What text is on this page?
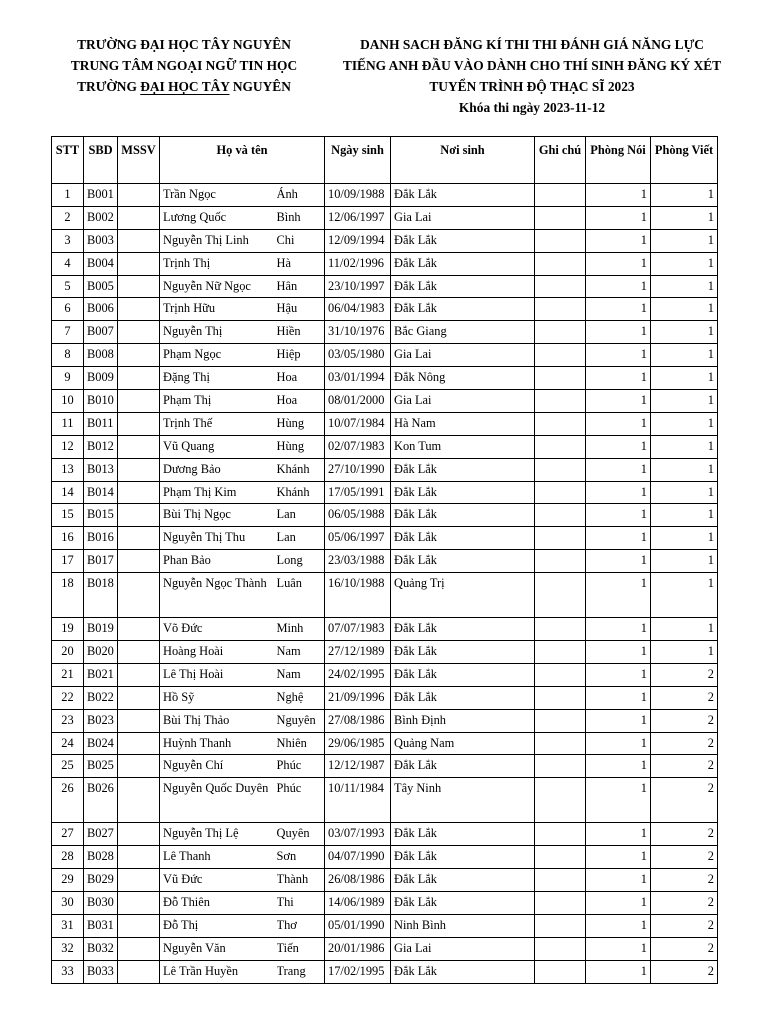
TRƯỜNG ĐẠI HỌC TÂY NGUYÊN
TRUNG TÂM NGOẠI NGỮ TIN HỌC
TRƯỜNG ĐẠI HỌC TÂY NGUYÊN
DANH SACH ĐĂNG KÍ THI THI ĐÁNH GIÁ NĂNG LỰC
TIẾNG ANH ĐẦU VÀO DÀNH CHO THÍ SINH ĐĂNG KÝ XÉT
TUYỂN TRÌNH ĐỘ THẠC SĨ 2023
Khóa thi ngày 2023-11-12
STT	SBD	MSSV	Họ và tên		Ngày sinh	Nơi sinh	Ghi chú	Phòng Nói	Phòng Viết
1	B001		Trần Ngọc	Ánh	10/09/1988	Đắk Lắk		1	1
2	B002		Lương Quốc	Bình	12/06/1997	Gia Lai		1	1
3	B003		Nguyễn Thị Linh	Chi	12/09/1994	Đắk Lắk		1	1
4	B004		Trịnh Thị	Hà	11/02/1996	Đắk Lắk		1	1
5	B005		Nguyễn Nữ Ngọc	Hân	23/10/1997	Đắk Lắk		1	1
6	B006		Trịnh Hữu	Hậu	06/04/1983	Đắk Lắk		1	1
7	B007		Nguyễn Thị	Hiền	31/10/1976	Bắc Giang		1	1
8	B008		Phạm Ngọc	Hiệp	03/05/1980	Gia Lai		1	1
9	B009		Đặng Thị	Hoa	03/01/1994	Đắk Nông		1	1
10	B010		Phạm Thị	Hoa	08/01/2000	Gia Lai		1	1
11	B011		Trịnh Thế	Hùng	10/07/1984	Hà Nam		1	1
12	B012		Vũ Quang	Hùng	02/07/1983	Kon Tum		1	1
13	B013		Dương Bảo	Khánh	27/10/1990	Đắk Lắk		1	1
14	B014		Phạm Thị Kim	Khánh	17/05/1991	Đắk Lắk		1	1
15	B015		Bùi Thị Ngọc	Lan	06/05/1988	Đắk Lắk		1	1
16	B016		Nguyễn Thị Thu	Lan	05/06/1997	Đắk Lắk		1	1
17	B017		Phan Bảo	Long	23/03/1988	Đắk Lắk		1	1
18	B018		Nguyễn Ngọc Thành	Luân	16/10/1988	Quảng Trị		1	1
19	B019		Võ Đức	Minh	07/07/1983	Đắk Lắk		1	1
20	B020		Hoàng Hoài	Nam	27/12/1989	Đắk Lắk		1	1
21	B021		Lê Thị Hoài	Nam	24/02/1995	Đắk Lắk		1	2
22	B022		Hồ Sỹ	Nghệ	21/09/1996	Đắk Lắk		1	2
23	B023		Bùi Thị Thảo	Nguyên	27/08/1986	Bình Định		1	2
24	B024		Huỳnh Thanh	Nhiên	29/06/1985	Quảng Nam		1	2
25	B025		Nguyễn Chí	Phúc	12/12/1987	Đắk Lắk		1	2
26	B026		Nguyễn Quốc Duyên	Phúc	10/11/1984	Tây Ninh		1	2
27	B027		Nguyễn Thị Lệ	Quyên	03/07/1993	Đắk Lắk		1	2
28	B028		Lê Thanh	Sơn	04/07/1990	Đắk Lắk		1	2
29	B029		Vũ Đức	Thành	26/08/1986	Đắk Lắk		1	2
30	B030		Đỗ Thiên	Thi	14/06/1989	Đắk Lắk		1	2
31	B031		Đỗ Thị	Thơ	05/01/1990	Ninh Bình		1	2
32	B032		Nguyễn Văn	Tiến	20/01/1986	Gia Lai		1	2
33	B033		Lê Trần Huyền	Trang	17/02/1995	Đắk Lắk		1	2
